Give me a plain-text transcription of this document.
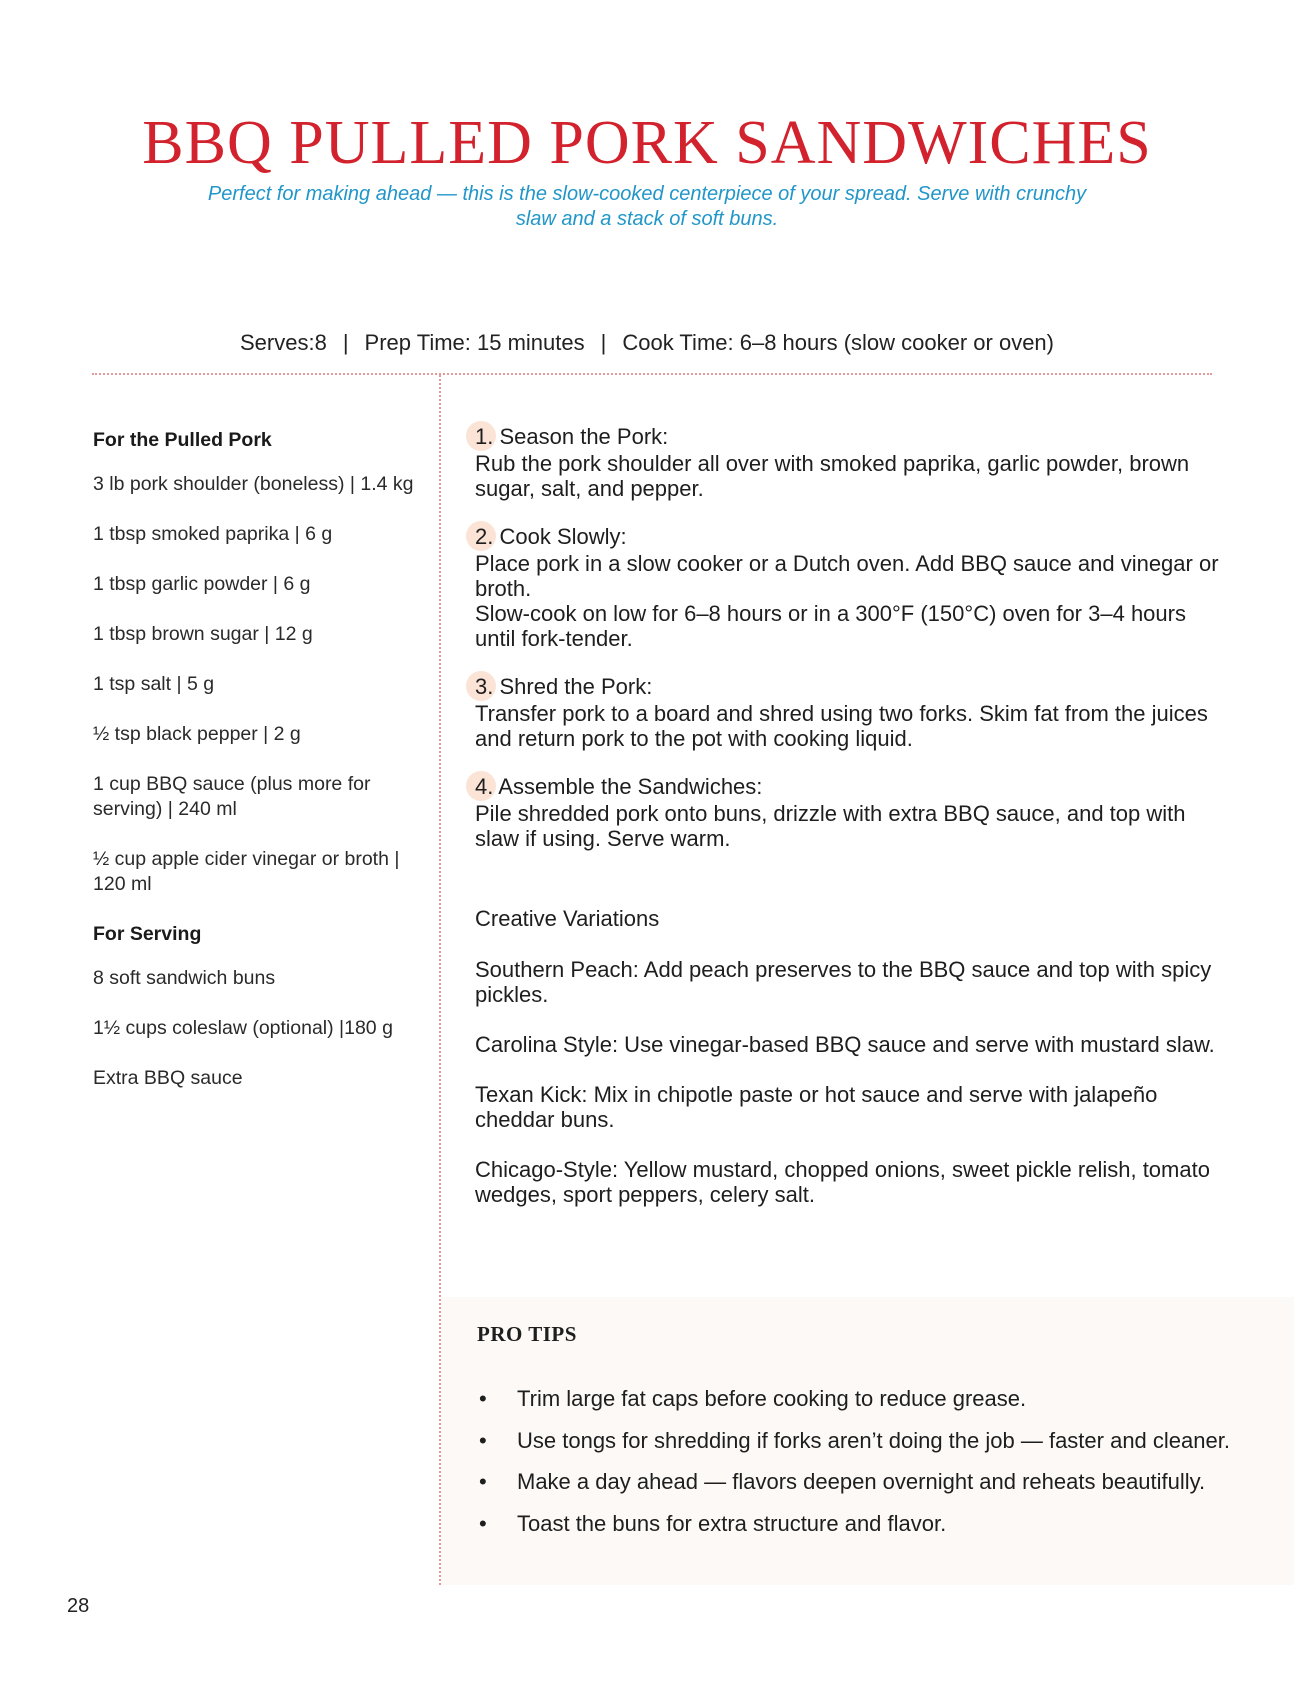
BBQ PULLED PORK SANDWICHES

Perfect for making ahead — this is the slow-cooked centerpiece of your spread. Serve with crunchy slaw and a stack of soft buns.

Serves:8 | Prep Time: 15 minutes | Cook Time: 6–8 hours (slow cooker or oven)
For the Pulled Pork
3 lb pork shoulder (boneless) | 1.4 kg
1 tbsp smoked paprika | 6 g
1 tbsp garlic powder | 6 g
1 tbsp brown sugar | 12 g
1 tsp salt | 5 g
½ tsp black pepper | 2 g
1 cup BBQ sauce (plus more for serving) | 240 ml
½ cup apple cider vinegar or broth | 120 ml
For Serving
8 soft sandwich buns
1½ cups coleslaw (optional) |180 g
Extra BBQ sauce
1. Season the Pork:
Rub the pork shoulder all over with smoked paprika, garlic powder, brown sugar, salt, and pepper.
2. Cook Slowly:
Place pork in a slow cooker or a Dutch oven. Add BBQ sauce and vinegar or broth.
Slow-cook on low for 6–8 hours or in a 300°F (150°C) oven for 3–4 hours until fork-tender.
3. Shred the Pork:
Transfer pork to a board and shred using two forks. Skim fat from the juices and return pork to the pot with cooking liquid.
4. Assemble the Sandwiches:
Pile shredded pork onto buns, drizzle with extra BBQ sauce, and top with slaw if using. Serve warm.
Creative Variations
Southern Peach: Add peach preserves to the BBQ sauce and top with spicy pickles.
Carolina Style: Use vinegar-based BBQ sauce and serve with mustard slaw.
Texan Kick: Mix in chipotle paste or hot sauce and serve with jalapeño cheddar buns.
Chicago-Style: Yellow mustard, chopped onions, sweet pickle relish, tomato wedges, sport peppers, celery salt.
PRO TIPS
• Trim large fat caps before cooking to reduce grease.
• Use tongs for shredding if forks aren’t doing the job — faster and cleaner.
• Make a day ahead — flavors deepen overnight and reheats beautifully.
• Toast the buns for extra structure and flavor.
28
